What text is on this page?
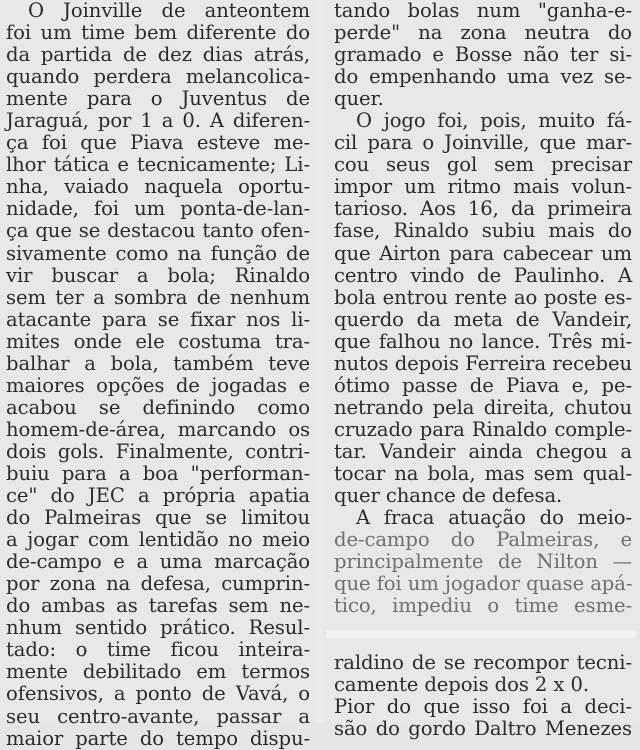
O Joinville de anteontem
foi um time bem diferente do
da partida de dez dias atrás,
quando perdera melancolica-
mente para o Juventus de
Jaraguá, por 1 a 0. A diferen-
ça foi que Piava esteve me-
lhor tática e tecnicamente; Li-
nha, vaiado naquela oportu-
nidade, foi um ponta-de-lan-
ça que se destacou tanto ofen-
sivamente como na função de
vir buscar a bola; Rinaldo
sem ter a sombra de nenhum
atacante para se fixar nos li-
mites onde ele costuma tra-
balhar a bola, também teve
maiores opções de jogadas e
acabou se definindo como
homem-de-área, marcando os
dois gols. Finalmente, contri-
buiu para a boa "performan-
ce" do JEC a própria apatia
do Palmeiras que se limitou
a jogar com lentidão no meio
de-campo e a uma marcação
por zona na defesa, cumprin-
do ambas as tarefas sem ne-
nhum sentido prático. Resul-
tado: o time ficou inteira-
mente debilitado em termos
ofensivos, a ponto de Vavá, o
seu centro-avante, passar a
maior parte do tempo dispu-
tando bolas num "ganha-e-
perde" na zona neutra do
gramado e Bosse não ter si-
do empenhando uma vez se-
quer.
O jogo foi, pois, muito fá-
cil para o Joinville, que mar-
cou seus gol sem precisar
impor um ritmo mais volun-
tarioso. Aos 16, da primeira
fase, Rinaldo subiu mais do
que Airton para cabecear um
centro vindo de Paulinho. A
bola entrou rente ao poste es-
querdo da meta de Vandeir,
que falhou no lance. Três mi-
nutos depois Ferreira recebeu
ótimo passe de Piava e, pe-
netrando pela direita, chutou
cruzado para Rinaldo comple-
tar. Vandeir ainda chegou a
tocar na bola, mas sem qual-
quer chance de defesa.
A fraca atuação do meio-
de-campo do Palmeiras, e
principalmente de Nilton —
que foi um jogador quase apá-
tico, impediu o time esme-
raldino de se recompor tecni-
camente depois dos 2 x 0.
Pior do que isso foi a deci-
são do gordo Daltro Menezes
